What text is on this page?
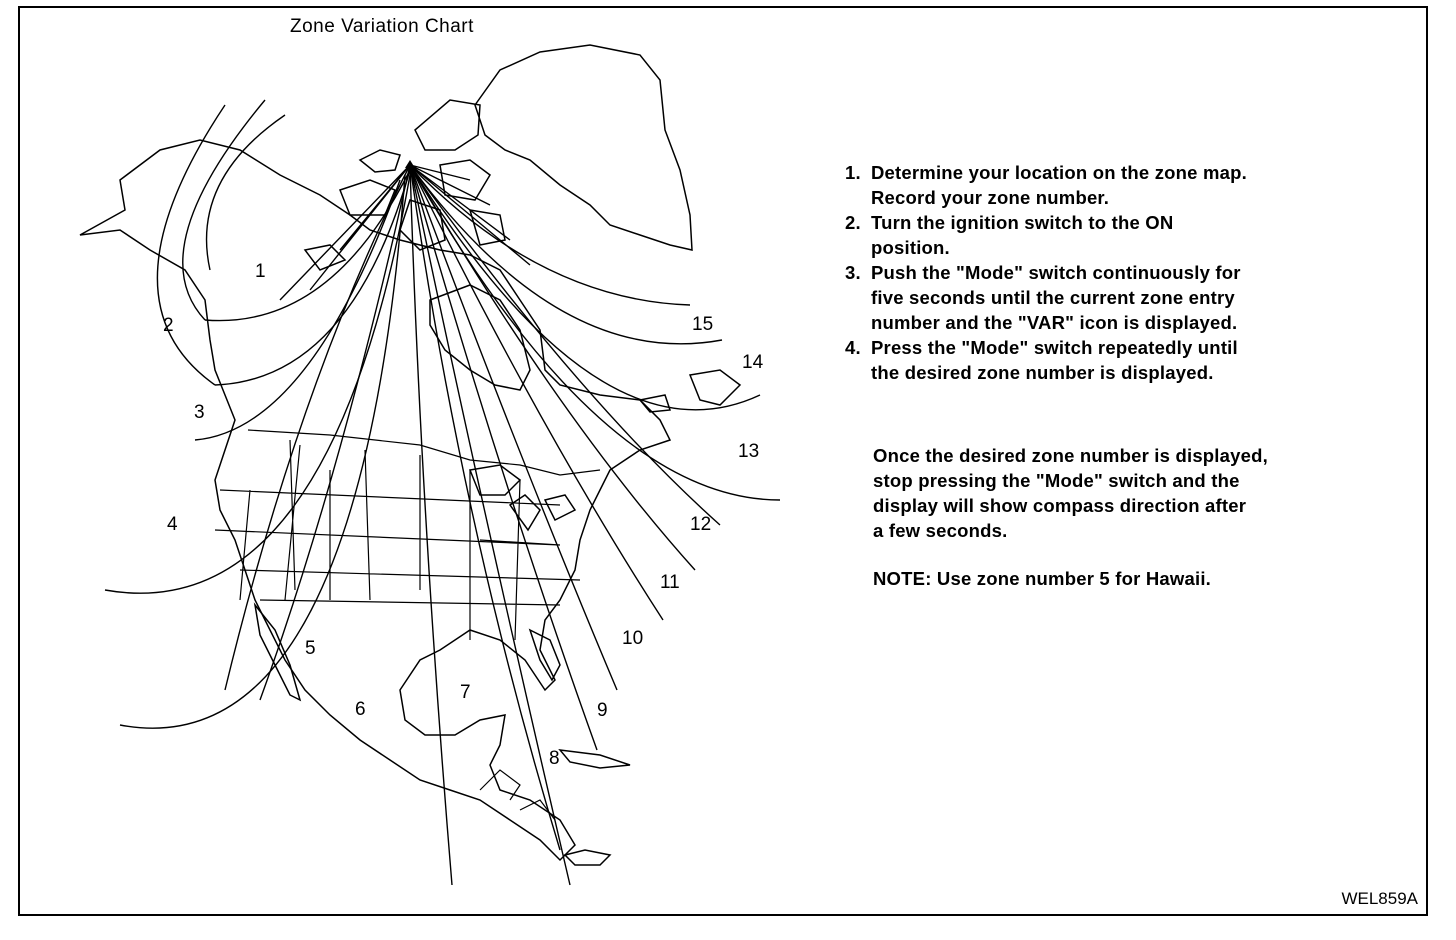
1
2
3
4
5
6
7
8
9
10
11
12
13
14
15
Zone Variation Chart
1. Determine your location on the zone map.
Record your zone number.
2. Turn the ignition switch to the ON
position.
3. Push the "Mode" switch continuously for
five seconds until the current zone entry
number and the "VAR" icon is displayed.
4. Press the "Mode" switch repeatedly until
the desired zone number is displayed.
Once the desired zone number is displayed,
stop pressing the "Mode" switch and the
display will show compass direction after
a few seconds.
NOTE: Use zone number 5 for Hawaii.
WEL859A
